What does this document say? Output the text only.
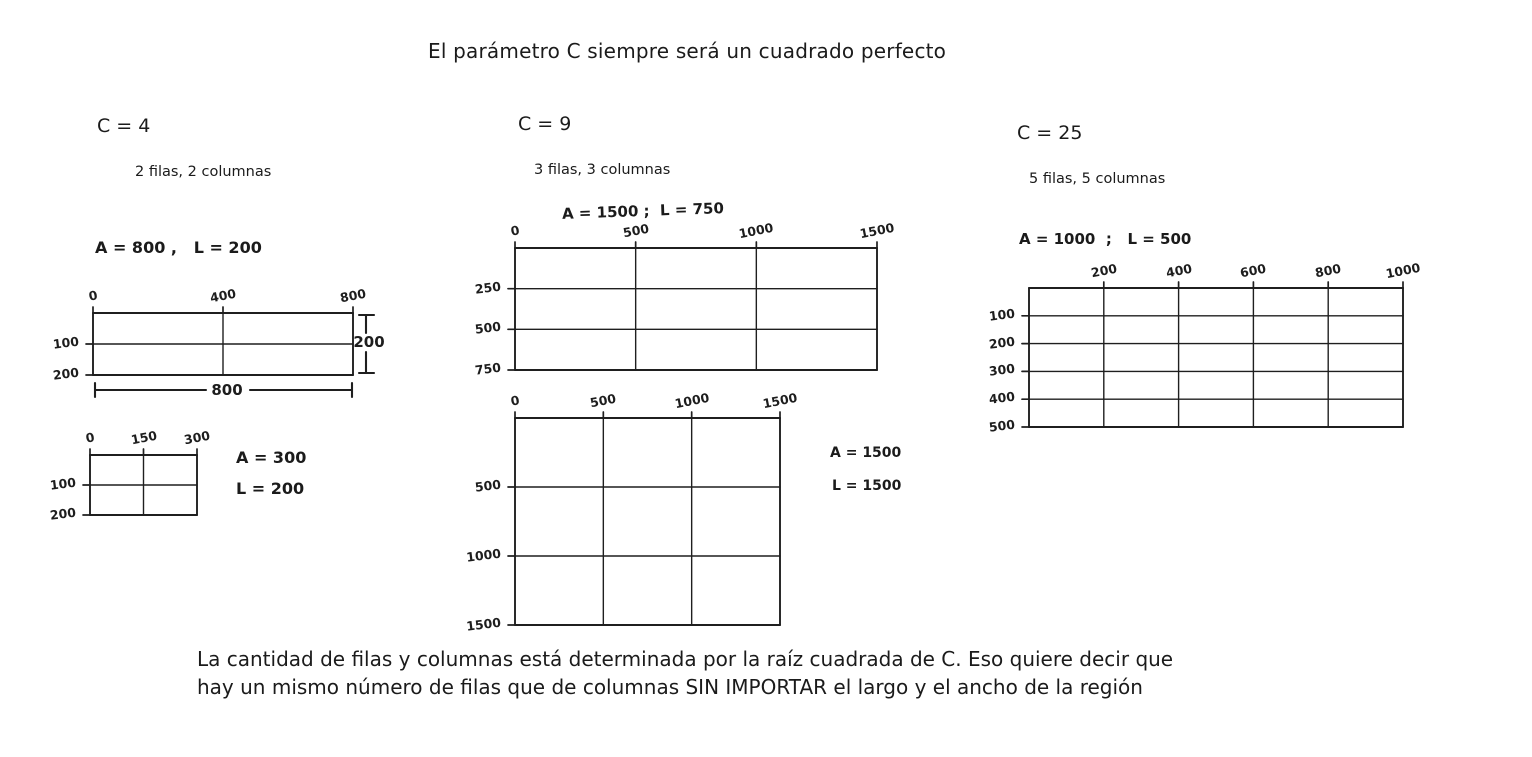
El parámetro C siempre será un cuadrado perfecto
C = 4
2 filas, 2 columnas
A = 800 ,   L = 200
A = 300
L = 200
C = 9
3 filas, 3 columnas
A = 1500 ;  L = 750
A = 1500
L = 1500
C = 25
5 filas, 5 columnas
A = 1000  ;   L = 500
La cantidad de filas y columnas está determinada por la raíz cuadrada de C. Eso quiere decir que
hay un mismo número de filas que de columnas SIN IMPORTAR el largo y el ancho de la región
0	400	800
100
200
0	150	300
100
200
0	500	1000	1500
250
500
750
0	500	1000	1500
500
1000
1500
200	400	600	800	1000
100
200
300
400
500
200
800
